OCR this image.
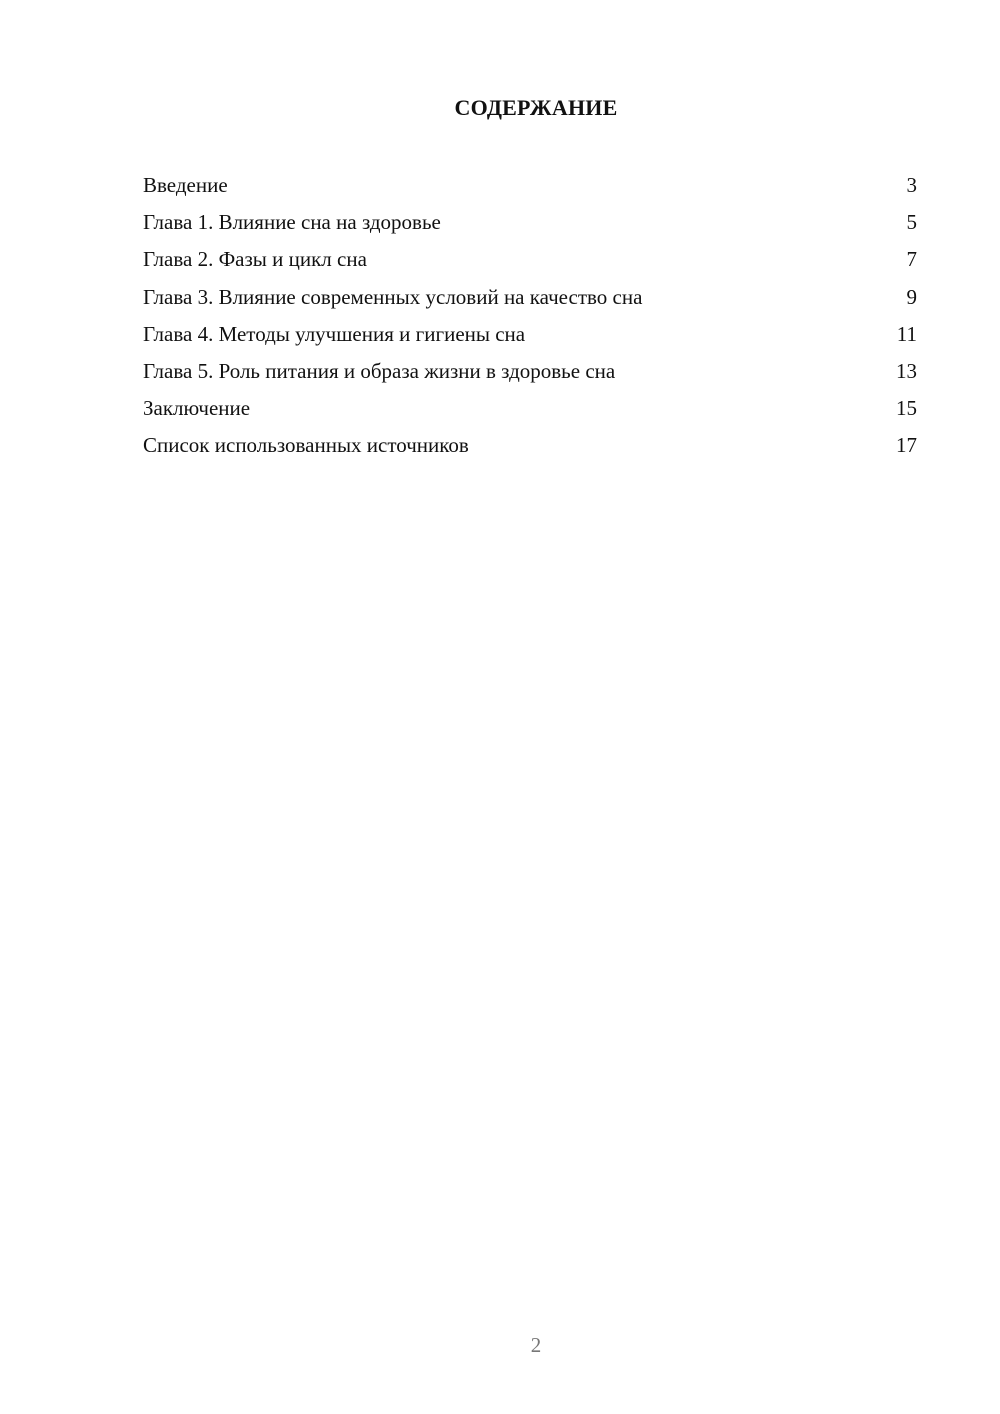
СОДЕРЖАНИЕ
Введение	3
Глава 1. Влияние сна на здоровье	5
Глава 2. Фазы и цикл сна	7
Глава 3. Влияние современных условий на качество сна	9
Глава 4. Методы улучшения и гигиены сна	11
Глава 5. Роль питания и образа жизни в здоровье сна	13
Заключение	15
Список использованных источников	17
2
